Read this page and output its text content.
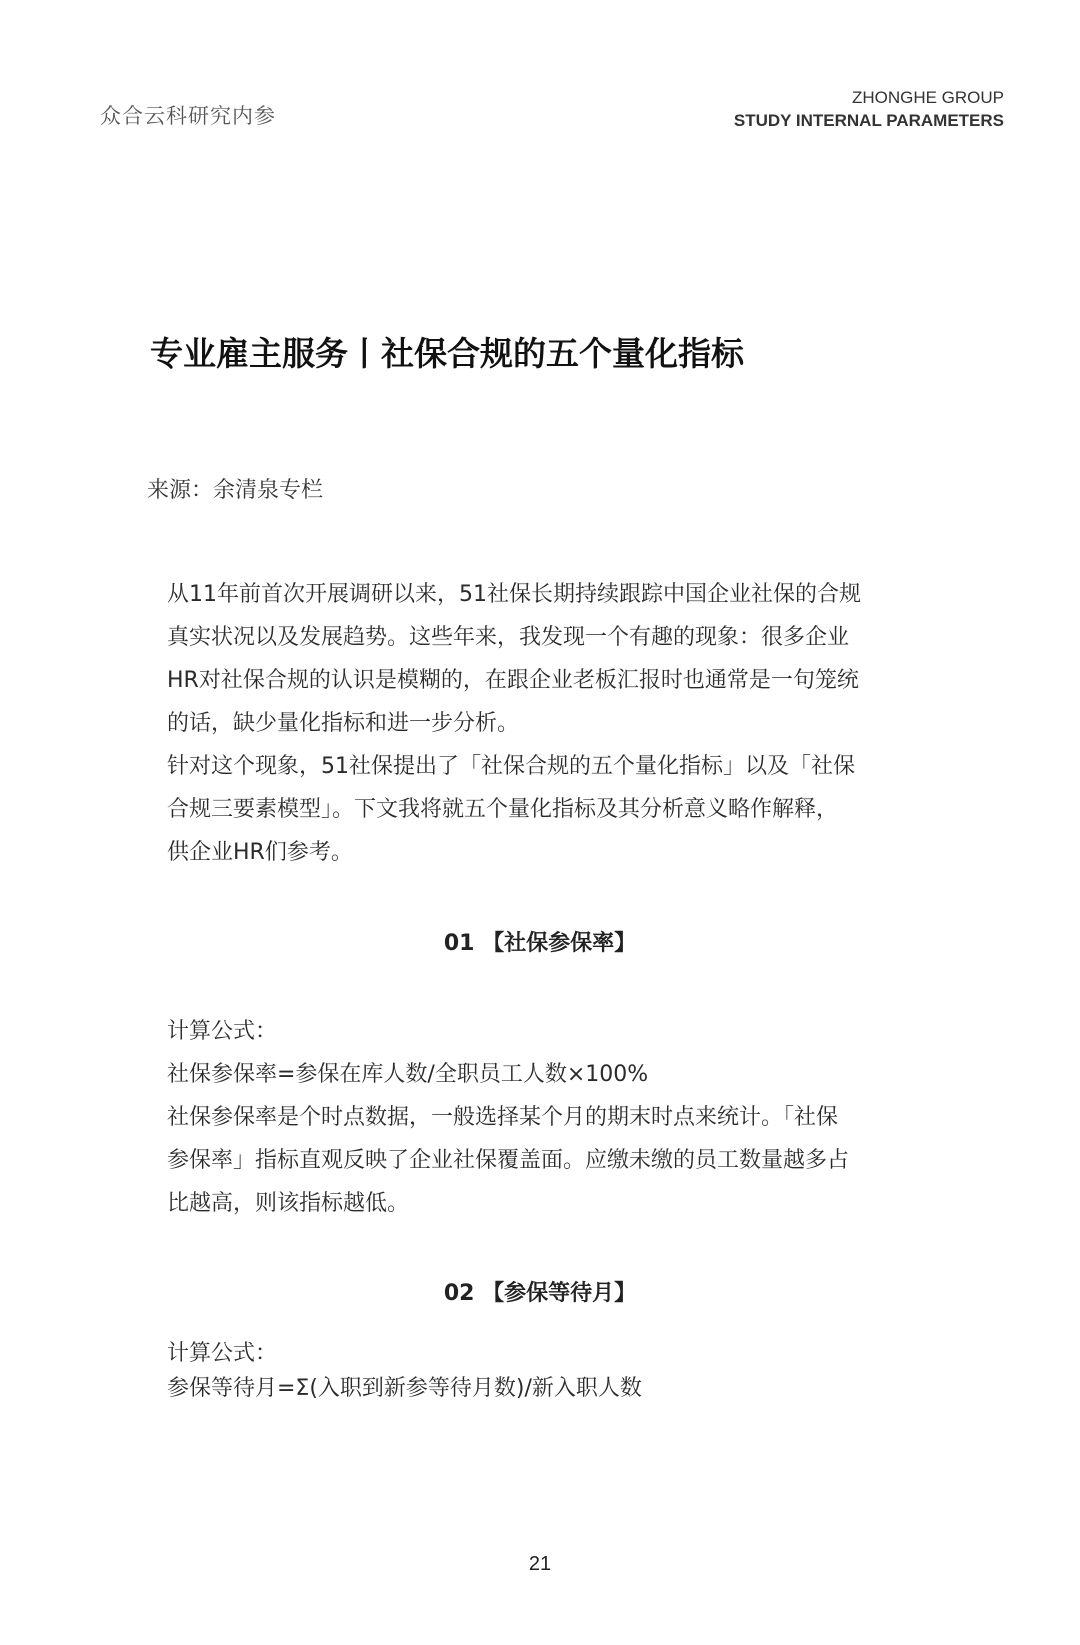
众合云科研究内参
ZHONGHE GROUP
STUDY INTERNAL PARAMETERS
专业雇主服务丨社保合规的五个量化指标
来源：余清泉专栏

从11年前首次开展调研以来，51社保长期持续跟踪中国企业社保的合规

真实状况以及发展趋势。这些年来，我发现一个有趣的现象：很多企业

HR对社保合规的认识是模糊的，在跟企业老板汇报时也通常是一句笼统

的话，缺少量化指标和进一步分析。

针对这个现象，51社保提出了「社保合规的五个量化指标」以及「社保

合规三要素模型」。下文我将就五个量化指标及其分析意义略作解释，

供企业HR们参考。

01 【社保参保率】

计算公式：

社保参保率=参保在库人数/全职员工人数×100%

社保参保率是个时点数据，一般选择某个月的期末时点来统计。「社保

参保率」指标直观反映了企业社保覆盖面。应缴未缴的员工数量越多占

比越高，则该指标越低。

02 【参保等待月】

计算公式：

参保等待月=Σ(入职到新参等待月数)/新入职人数

21
